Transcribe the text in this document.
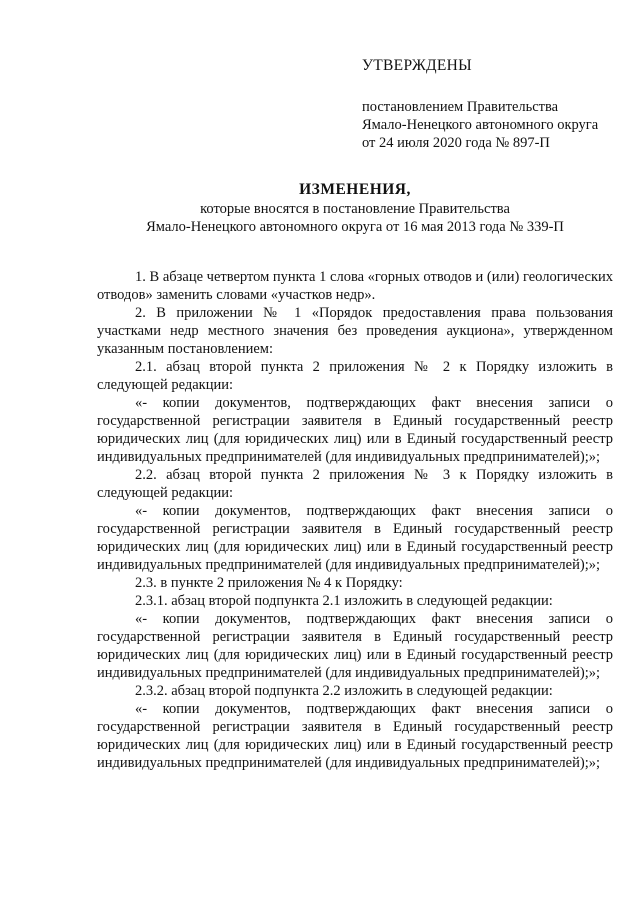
УТВЕРЖДЕНЫ
постановлением Правительства
Ямало-Ненецкого автономного округа
от 24 июля 2020 года № 897-П
ИЗМЕНЕНИЯ,
которые вносятся в постановление Правительства
Ямало-Ненецкого автономного округа от 16 мая 2013 года № 339-П

1. В абзаце четвертом пункта 1 слова «горных отводов и (или) геологических отводов» заменить словами «участков недр».

2. В приложении № 1 «Порядок предоставления права пользования участками недр местного значения без проведения аукциона», утвержденном указанным постановлением:

2.1. абзац второй пункта 2 приложения № 2 к Порядку изложить в следующей редакции:

«- копии документов, подтверждающих факт внесения записи о государственной регистрации заявителя в Единый государственный реестр юридических лиц (для юридических лиц) или в Единый государственный реестр индивидуальных предпринимателей (для индивидуальных предпринимателей);»;

2.2. абзац второй пункта 2 приложения № 3 к Порядку изложить в следующей редакции:

«- копии документов, подтверждающих факт внесения записи о государственной регистрации заявителя в Единый государственный реестр юридических лиц (для юридических лиц) или в Единый государственный реестр индивидуальных предпринимателей (для индивидуальных предпринимателей);»;

2.3. в пункте 2 приложения № 4 к Порядку:

2.3.1. абзац второй подпункта 2.1 изложить в следующей редакции:

«- копии документов, подтверждающих факт внесения записи о государственной регистрации заявителя в Единый государственный реестр юридических лиц (для юридических лиц) или в Единый государственный реестр индивидуальных предпринимателей (для индивидуальных предпринимателей);»;

2.3.2. абзац второй подпункта 2.2 изложить в следующей редакции:

«- копии документов, подтверждающих факт внесения записи о государственной регистрации заявителя в Единый государственный реестр юридических лиц (для юридических лиц) или в Единый государственный реестр индивидуальных предпринимателей (для индивидуальных предпринимателей);»;
